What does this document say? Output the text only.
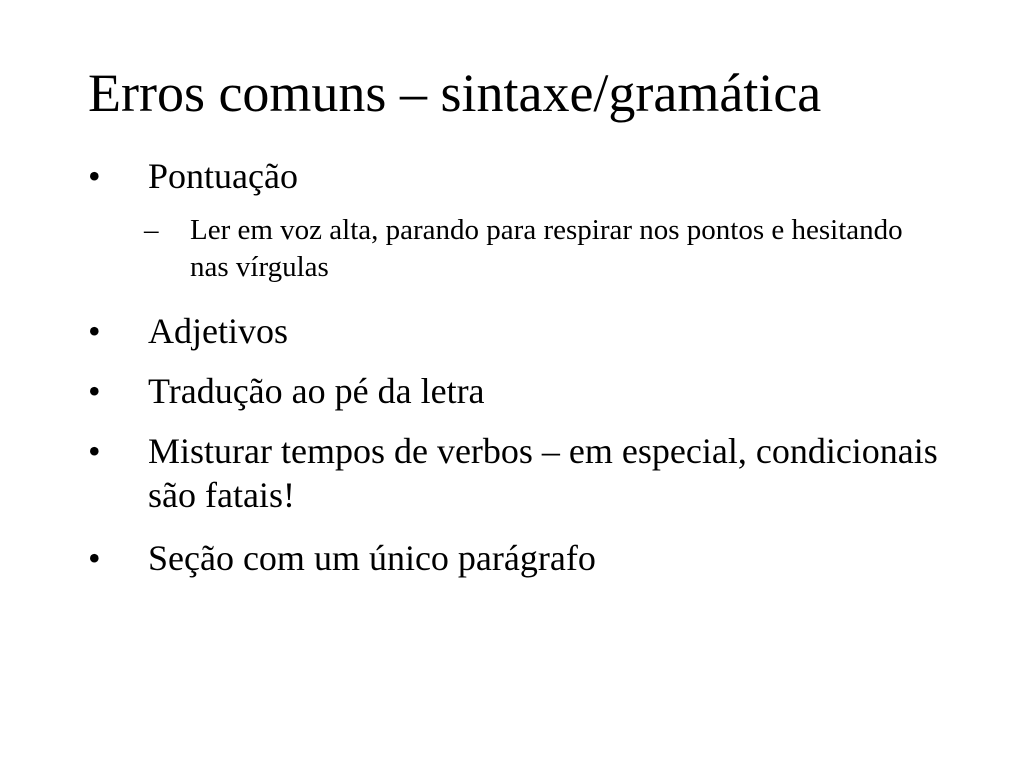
Erros comuns – sintaxe/gramática
• Pontuação
– Ler em voz alta, parando para respirar nos pontos e hesitando nas vírgulas
• Adjetivos
• Tradução ao pé da letra
• Misturar tempos de verbos – em especial, condicionais são fatais!
• Seção com um único parágrafo
